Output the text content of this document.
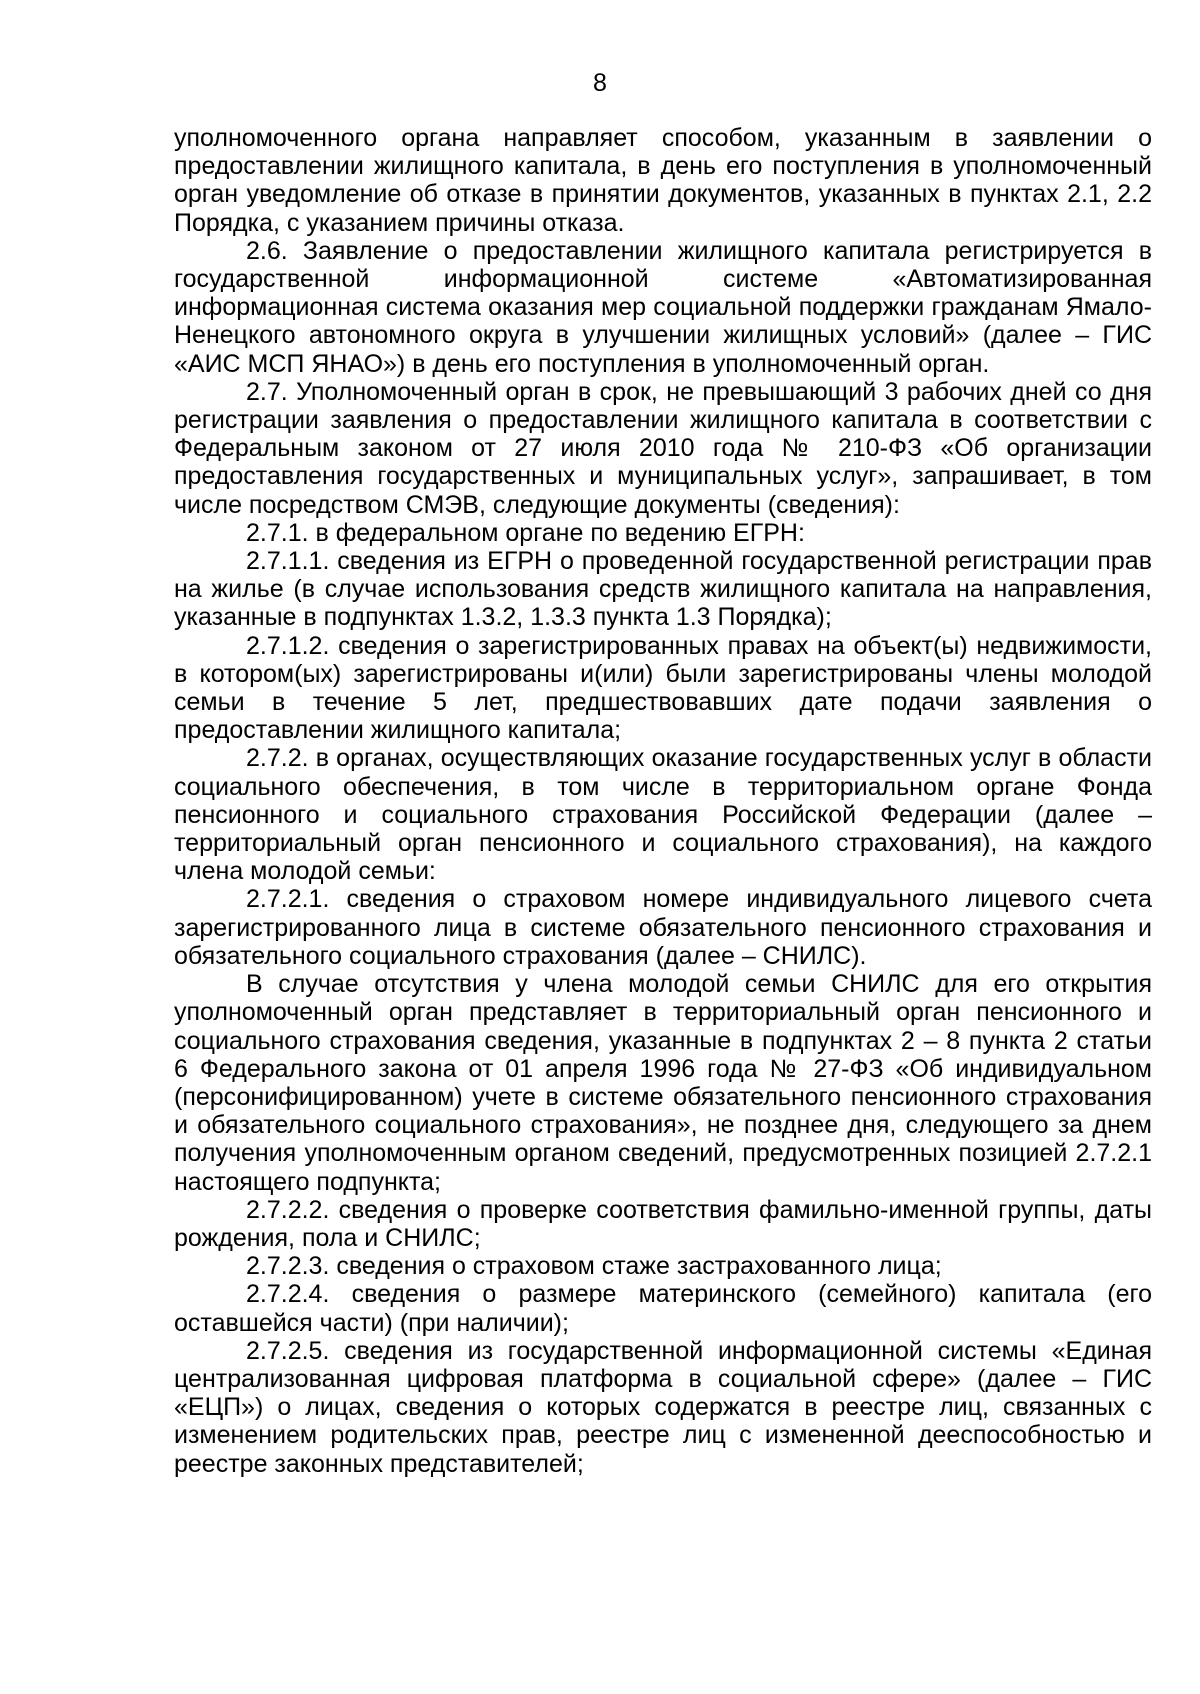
8

уполномоченного органа направляет способом, указанным в заявлении о предоставлении жилищного капитала, в день его поступления в уполномоченный орган уведомление об отказе в принятии документов, указанных в пунктах 2.1, 2.2 Порядка, с указанием причины отказа.

2.6. Заявление о предоставлении жилищного капитала регистрируется в государственной информационной системе «Автоматизированная информационная система оказания мер социальной поддержки гражданам Ямало-Ненецкого автономного округа в улучшении жилищных условий» (далее – ГИС «АИС МСП ЯНАО») в день его поступления в уполномоченный орган.

2.7. Уполномоченный орган в срок, не превышающий 3 рабочих дней со дня регистрации заявления о предоставлении жилищного капитала в соответствии с Федеральным законом от 27 июля 2010 года № 210-ФЗ «Об организации предоставления государственных и муниципальных услуг», запрашивает, в том числе посредством СМЭВ, следующие документы (сведения):

2.7.1. в федеральном органе по ведению ЕГРН:

2.7.1.1. сведения из ЕГРН о проведенной государственной регистрации прав на жилье (в случае использования средств жилищного капитала на направления, указанные в подпунктах 1.3.2, 1.3.3 пункта 1.3 Порядка);

2.7.1.2. сведения о зарегистрированных правах на объект(ы) недвижимости, в котором(ых) зарегистрированы и(или) были зарегистрированы члены молодой семьи в течение 5 лет, предшествовавших дате подачи заявления о предоставлении жилищного капитала;

2.7.2. в органах, осуществляющих оказание государственных услуг в области социального обеспечения, в том числе в территориальном органе Фонда пенсионного и социального страхования Российской Федерации (далее – территориальный орган пенсионного и социального страхования), на каждого члена молодой семьи:

2.7.2.1. сведения о страховом номере индивидуального лицевого счета зарегистрированного лица в системе обязательного пенсионного страхования и обязательного социального страхования (далее – СНИЛС).

В случае отсутствия у члена молодой семьи СНИЛС для его открытия уполномоченный орган представляет в территориальный орган пенсионного и социального страхования сведения, указанные в подпунктах 2 – 8 пункта 2 статьи 6 Федерального закона от 01 апреля 1996 года № 27-ФЗ «Об индивидуальном (персонифицированном) учете в системе обязательного пенсионного страхования и обязательного социального страхования», не позднее дня, следующего за днем получения уполномоченным органом сведений, предусмотренных позицией 2.7.2.1 настоящего подпункта;

2.7.2.2. сведения о проверке соответствия фамильно-именной группы, даты рождения, пола и СНИЛС;

2.7.2.3. сведения о страховом стаже застрахованного лица;

2.7.2.4. сведения о размере материнского (семейного) капитала (его оставшейся части) (при наличии);

2.7.2.5. сведения из государственной информационной системы «Единая централизованная цифровая платформа в социальной сфере» (далее – ГИС «ЕЦП») о лицах, сведения о которых содержатся в реестре лиц, связанных с изменением родительских прав, реестре лиц с измененной дееспособностью и реестре законных представителей;
